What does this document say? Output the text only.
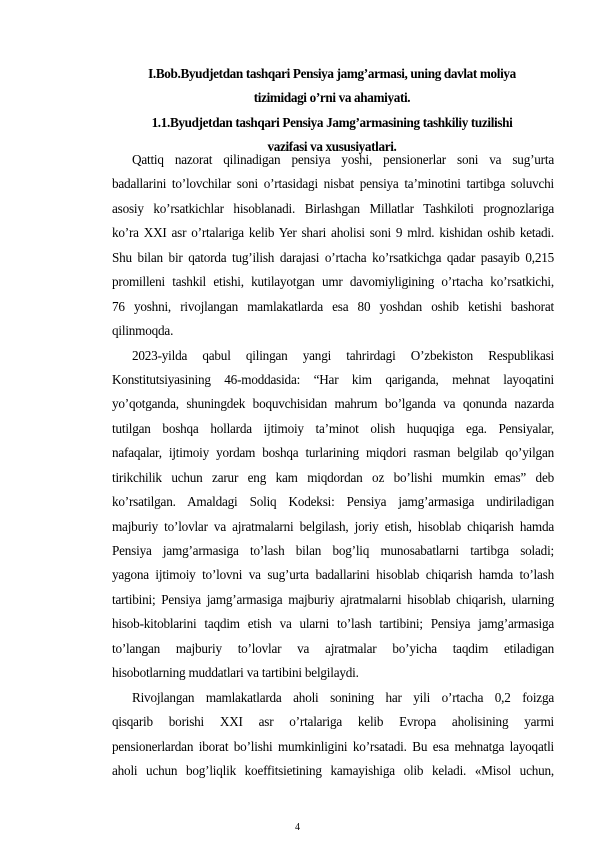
I.Bob.Byudjetdan tashqari Pensiya jamg’armasi, uning davlat moliya
tizimidagi o’rni va ahamiyati.
1.1.Byudjetdan tashqari Pensiya Jamg’armasining tashkiliy tuzilishi
vazifasi va xususiyatlari.

Qattiq nazorat qilinadigan pensiya yoshi, pensionerlar soni va sug’urta
badallarini to’lovchilar soni o’rtasidagi nisbat pensiya ta’minotini tartibga soluvchi
asosiy ko’rsatkichlar hisoblanadi. Birlashgan Millatlar Tashkiloti prognozlariga
ko’ra XXI asr o’rtalariga kelib Yer shari aholisi soni 9 mlrd. kishidan oshib ketadi.
Shu bilan bir qatorda tug’ilish darajasi o’rtacha ko’rsatkichga qadar pasayib 0,215
promilleni tashkil etishi, kutilayotgan umr davomiyligining o’rtacha ko’rsatkichi,
76 yoshni, rivojlangan mamlakatlarda esa 80 yoshdan oshib ketishi bashorat
qilinmoqda.

2023-yilda qabul qilingan yangi tahrirdagi O’zbekiston Respublikasi
Konstitutsiyasining 46-moddasida: “Har kim qariganda, mehnat layoqatini
yo’qotganda, shuningdek boquvchisidan mahrum bo’lganda va qonunda nazarda
tutilgan boshqa hollarda ijtimoiy ta’minot olish huquqiga ega. Pensiyalar,
nafaqalar, ijtimoiy yordam boshqa turlarining miqdori rasman belgilab qo’yilgan
tirikchilik uchun zarur eng kam miqdordan oz bo’lishi mumkin emas” deb
ko’rsatilgan. Amaldagi Soliq Kodeksi: Pensiya jamg’armasiga undiriladigan
majburiy to’lovlar va ajratmalarni belgilash, joriy etish, hisoblab chiqarish hamda
Pensiya jamg’armasiga to’lash bilan bog’liq munosabatlarni tartibga soladi;
yagona ijtimoiy to’lovni va sug’urta badallarini hisoblab chiqarish hamda to’lash
tartibini; Pensiya jamg’armasiga majburiy ajratmalarni hisoblab chiqarish, ularning
hisob-kitoblarini taqdim etish va ularni to’lash tartibini; Pensiya jamg’armasiga
to’langan majburiy to’lovlar va ajratmalar bo’yicha taqdim etiladigan
hisobotlarning muddatlari va tartibini belgilaydi.

Rivojlangan mamlakatlarda aholi sonining har yili o’rtacha 0,2 foizga
qisqarib borishi XXI asr o’rtalariga kelib Evropa aholisining yarmi
pensionerlardan iborat bo’lishi mumkinligini ko’rsatadi. Bu esa mehnatga layoqatli
aholi uchun bog’liqlik koeffitsietining kamayishiga olib keladi. «Misol uchun,

4
